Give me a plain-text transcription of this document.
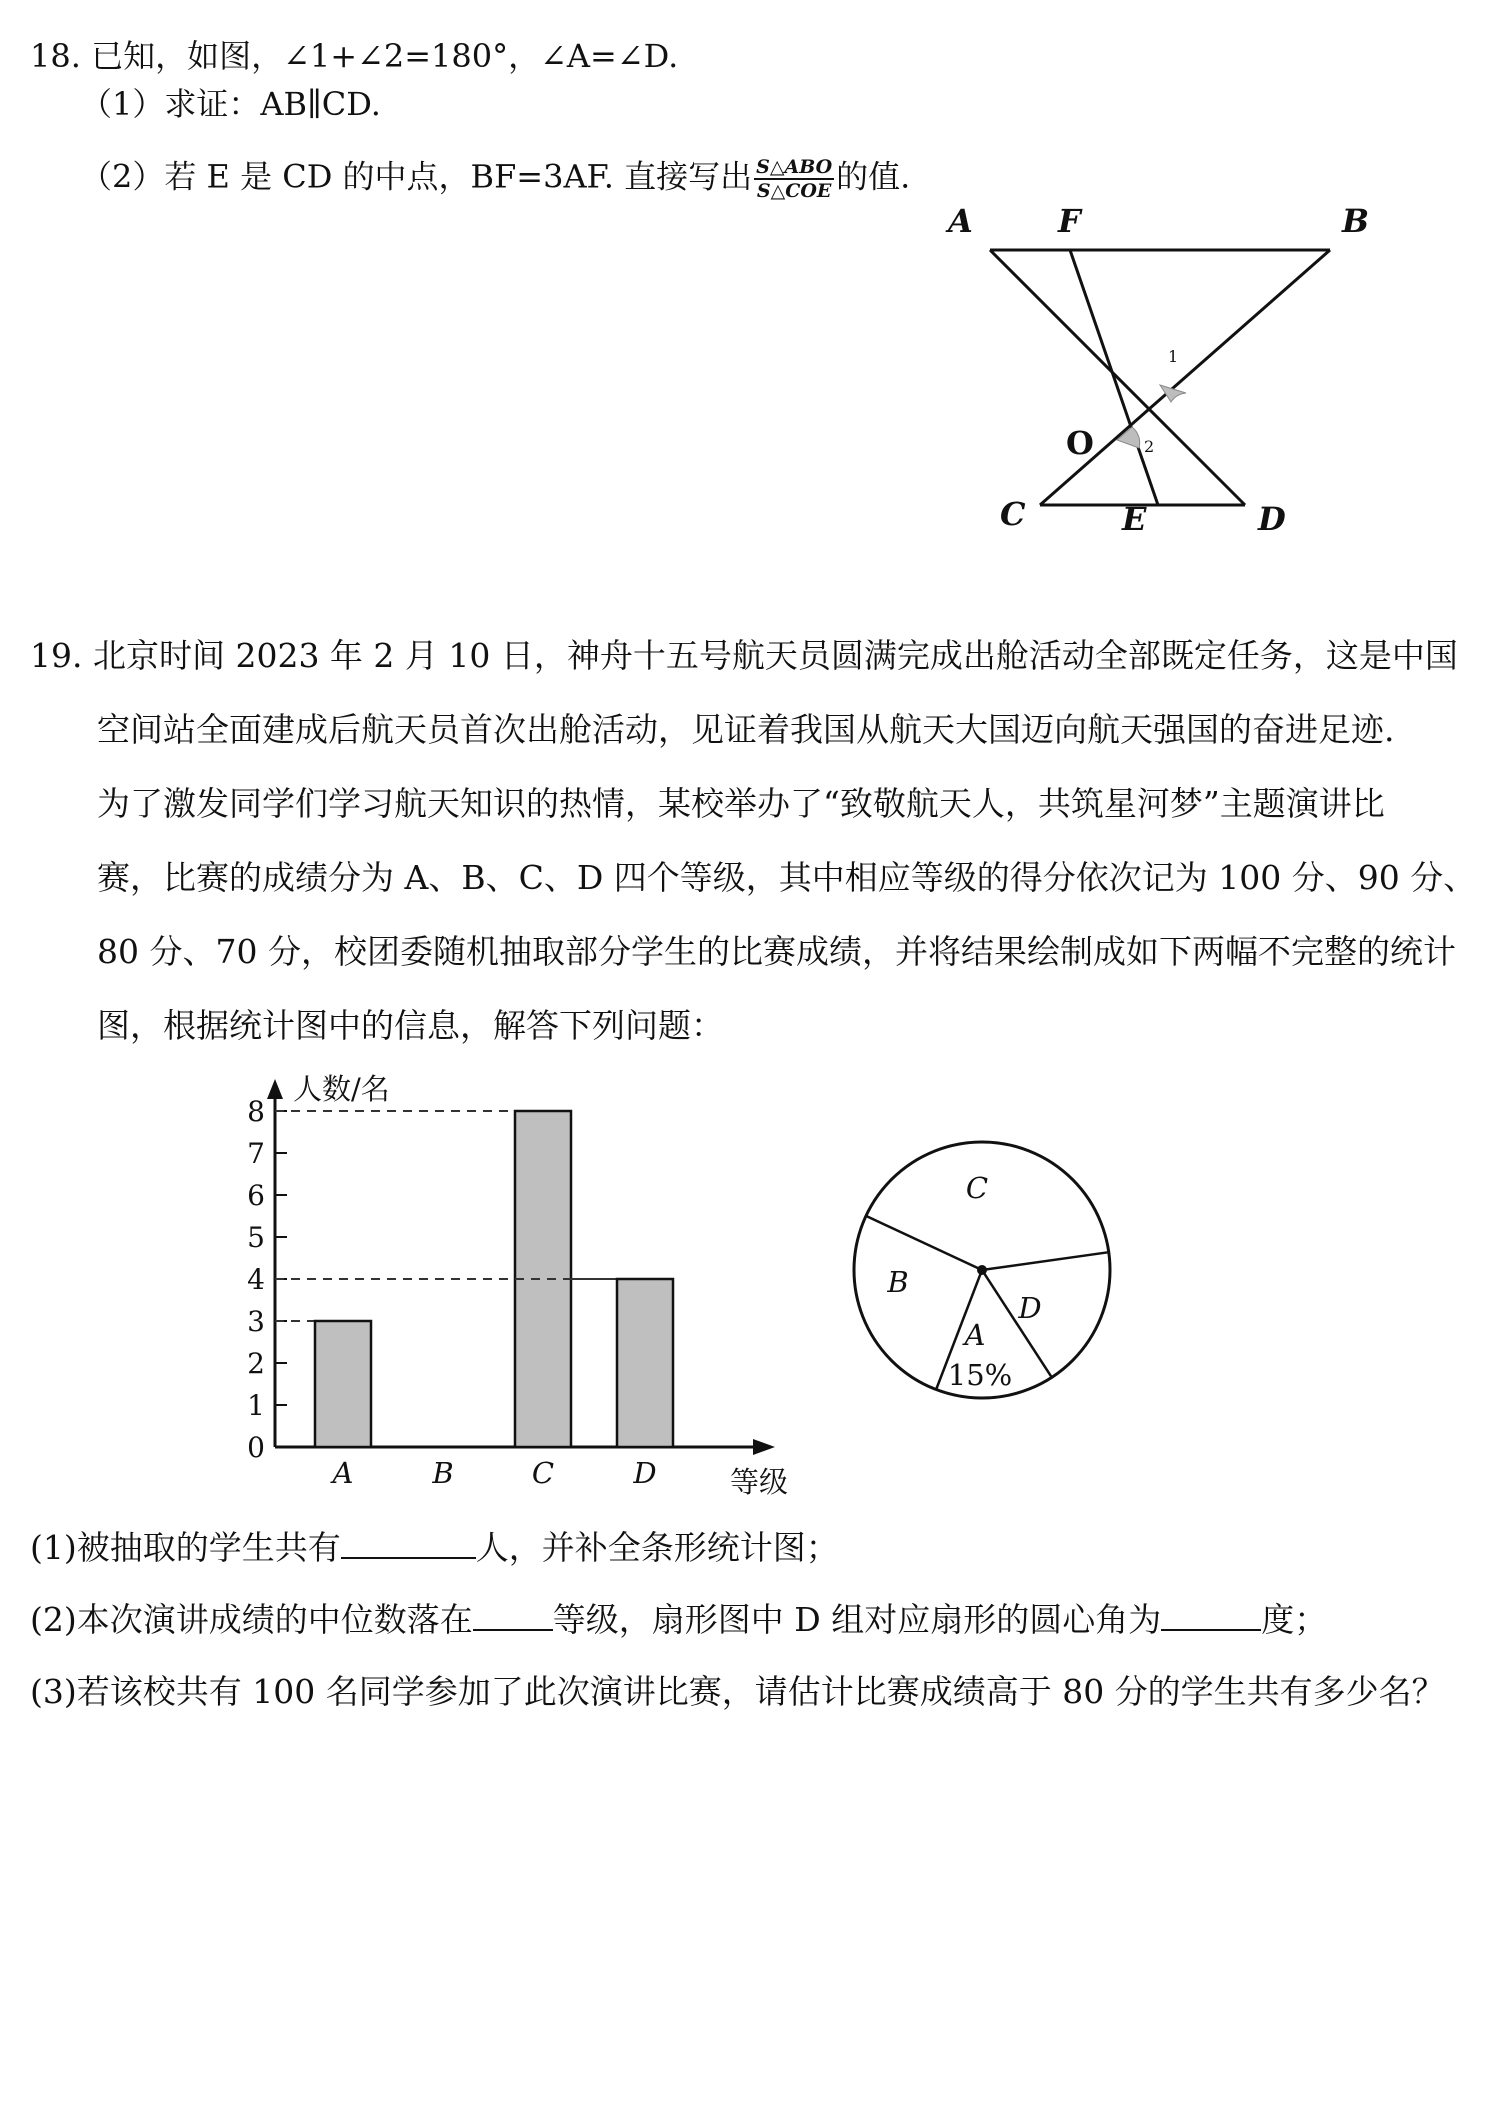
18. 已知，如图，∠1+∠2=180°，∠A=∠D.
（1）求证：AB∥CD.
（2）若 E 是 CD 的中点，BF=3AF. 直接写出 $\frac{\text{S△ABO}}{\text{S△COE}}$ 的值.
A	F	B
C	E	D
O
1
2
19. 北京时间 2023 年 2 月 10 日，神舟十五号航天员圆满完成出舱活动全部既定任务，这是中国
空间站全面建成后航天员首次出舱活动，见证着我国从航天大国迈向航天强国的奋进足迹.
为了激发同学们学习航天知识的热情，某校举办了“致敬航天人，共筑星河梦”主题演讲比
赛，比赛的成绩分为 A、B、C、D 四个等级，其中相应等级的得分依次记为 100 分、90 分、
80 分、70 分，校团委随机抽取部分学生的比赛成绩，并将结果绘制成如下两幅不完整的统计
图，根据统计图中的信息，解答下列问题：
0
1
2
3
4
5
6
7
8
人数/名
等级
A	B	C	D
C
B
A
D
15%
(1)被抽取的学生共有	人，并补全条形统计图；
(2)本次演讲成绩的中位数落在 等级，扇形图中 D 组对应扇形的圆心角为	度；
(3)若该校共有 100 名同学参加了此次演讲比赛，请估计比赛成绩高于 80 分的学生共有多少名？
